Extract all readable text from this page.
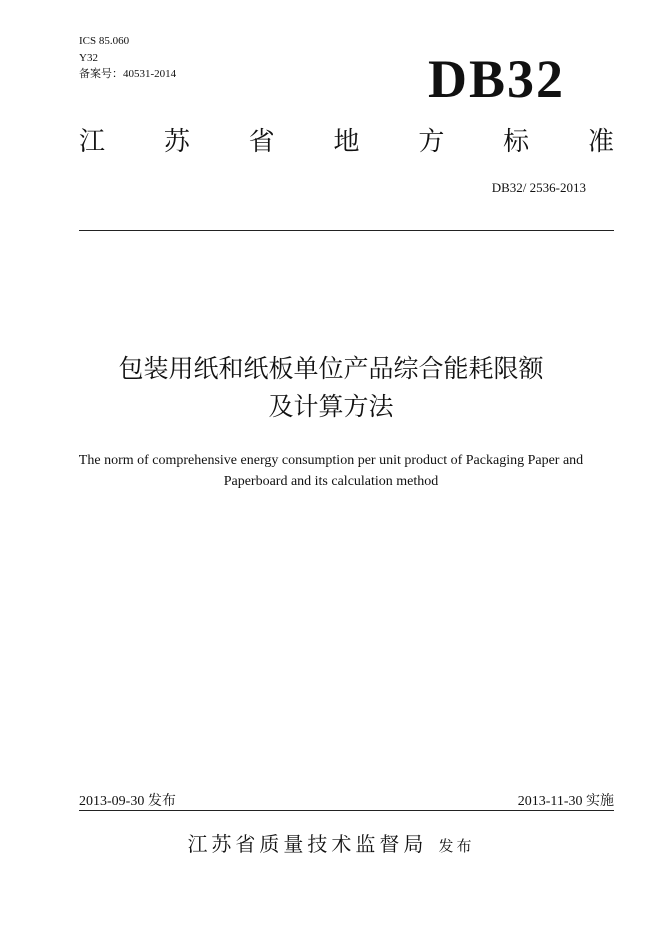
ICS 85.060
Y32
备案号：40531-2014	DB32
江 苏 省 地 方 标 准
DB32/ 2536-2013
包装用纸和纸板单位产品综合能耗限额
及计算方法
The norm of comprehensive energy consumption per unit product of Packaging Paper and
Paperboard and its calculation method
2013-09-30 发布	2013-11-30 实施
江苏省质量技术监督局 发布
